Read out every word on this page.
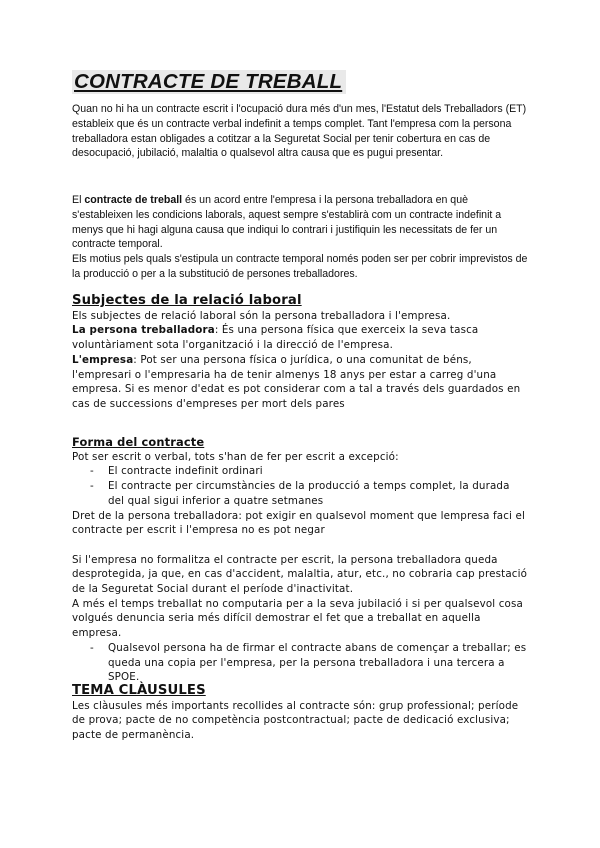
CONTRACTE DE TREBALL

Quan no hi ha un contracte escrit i l'ocupació dura més d'un mes, l'Estatut dels Treballadors (ET) estableix que és un contracte verbal indefinit a temps complet. Tant l'empresa com la persona treballadora estan obligades a cotitzar a la Seguretat Social per tenir cobertura en cas de desocupació, jubilació, malaltia o qualsevol altra causa que es pugui presentar.

El contracte de treball és un acord entre l'empresa i la persona treballadora en què s'estableixen les condicions laborals, aquest sempre s'establirà com un contracte indefinit a menys que hi hagi alguna causa que indiqui lo contrari i justifiquin les necessitats de fer un contracte temporal.

Els motius pels quals s'estipula un contracte temporal només poden ser per cobrir imprevistos de la producció o per a la substitució de persones treballadores.

Subjectes de la relació laboral

Els subjectes de relació laboral són la persona treballadora i l'empresa.

La persona treballadora: És una persona física que exerceix la seva tasca voluntàriament sota l'organització i la direcció de l'empresa.

L'empresa: Pot ser una persona física o jurídica, o una comunitat de béns, l'empresari o l'empresaria ha de tenir almenys 18 anys per estar a carreg d'una empresa. Si es menor d'edat es pot considerar com a tal a través dels guardados en cas de successions d'empreses per mort dels pares

Forma del contracte

Pot ser escrit o verbal, tots s'han de fer per escrit a excepció:

- El contracte indefinit ordinari
- El contracte per circumstàncies de la producció a temps complet, la durada del qual sigui inferior a quatre setmanes

Dret de la persona treballadora: pot exigir en qualsevol moment que lempresa faci el contracte per escrit i l'empresa no es pot negar

Si l'empresa no formalitza el contracte per escrit, la persona treballadora queda desprotegida, ja que, en cas d'accident, malaltia, atur, etc., no cobraria cap prestació de la Seguretat Social durant el període d'inactivitat.

A més el temps treballat no computaria per a la seva jubilació i si per qualsevol cosa volgués denuncia seria més difícil demostrar el fet que a treballat en aquella empresa.

- Qualsevol persona ha de firmar el contracte abans de començar a treballar; es queda una copia per l'empresa, per la persona treballadora i una tercera a SPOE.
TEMA CLÀUSULES

Les clàusules més importants recollides al contracte són: grup professional; període de prova; pacte de no competència postcontractual; pacte de dedicació exclusiva; pacte de permanència.
